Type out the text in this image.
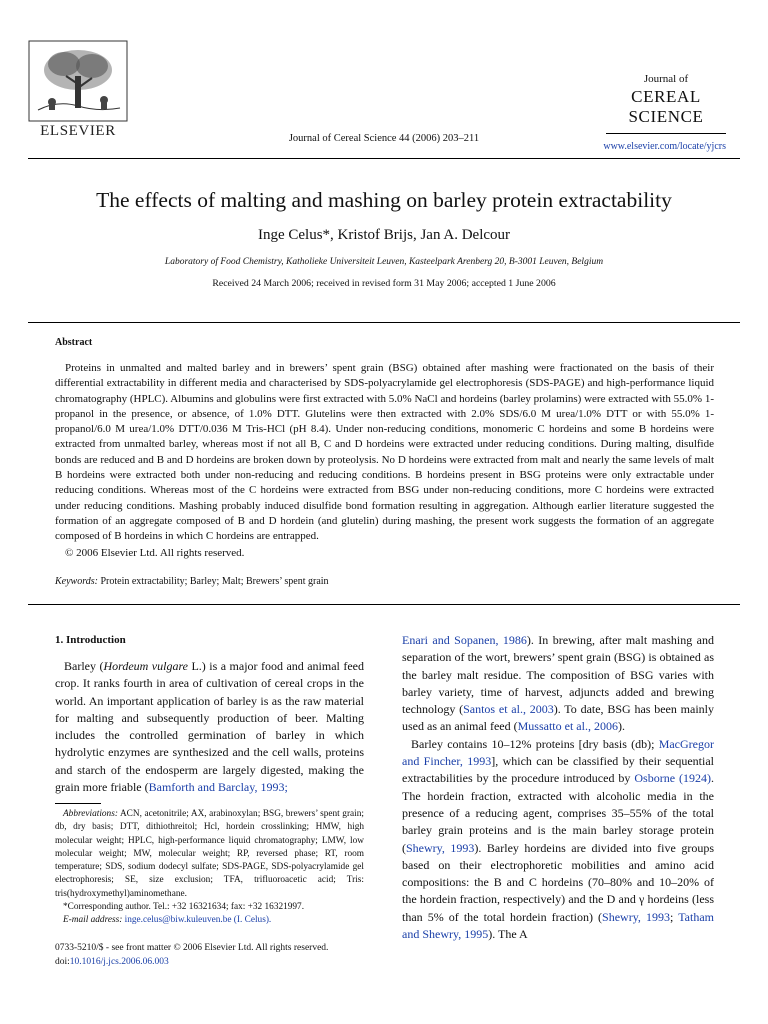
ELSEVIER	Journal of Cereal Science 44 (2006) 203–211
Journal of
CEREAL
SCIENCE
www.elsevier.com/locate/yjcrs
The effects of malting and mashing on barley protein extractability
Inge Celus*, Kristof Brijs, Jan A. Delcour
Laboratory of Food Chemistry, Katholieke Universiteit Leuven, Kasteelpark Arenberg 20, B-3001 Leuven, Belgium
Received 24 March 2006; received in revised form 31 May 2006; accepted 1 June 2006
Abstract
Proteins in unmalted and malted barley and in brewers’ spent grain (BSG) obtained after mashing were fractionated on the basis of their differential extractability in different media and characterised by SDS-polyacrylamide gel electrophoresis (SDS-PAGE) and high-performance liquid chromatography (HPLC). Albumins and globulins were first extracted with 5.0% NaCl and hordeins (barley prolamins) were extracted with 55.0% 1-propanol in the presence, or absence, of 1.0% DTT. Glutelins were then extracted with 2.0% SDS/6.0 M urea/1.0% DTT or with 55.0% 1-propanol/6.0 M urea/1.0% DTT/0.036 M Tris-HCl (pH 8.4). Under non-reducing conditions, monomeric C hordeins and some B hordeins were extracted from unmalted barley, whereas most if not all B, C and D hordeins were extracted under reducing conditions. During malting, disulfide bonds are reduced and B and D hordeins are broken down by proteolysis. No D hordeins were extracted from malt and nearly the same levels of malt B hordeins were extracted both under non-reducing and reducing conditions. B hordeins present in BSG proteins were only extractable under reducing conditions. Whereas most of the C hordeins were extracted from BSG under non-reducing conditions, more C hordeins were extracted under reducing conditions. Mashing probably induced disulfide bond formation resulting in aggregation. Although earlier literature suggested the formation of an aggregate composed of B and D hordein (and glutelin) during mashing, the present work suggests the formation of an aggregate composed of B hordeins in which C hordeins are entrapped.
© 2006 Elsevier Ltd. All rights reserved.
Keywords: Protein extractability; Barley; Malt; Brewers’ spent grain
1. Introduction
Barley (Hordeum vulgare L.) is a major food and animal feed crop. It ranks fourth in area of cultivation of cereal crops in the world. An important application of barley is as the raw material for malting and subsequently production of beer. Malting includes the controlled germination of barley in which hydrolytic enzymes are synthesized and the cell walls, proteins and starch of the endosperm are largely digested, making the grain more friable (Bamforth and Barclay, 1993;

Abbreviations: ACN, acetonitrile; AX, arabinoxylan; BSG, brewers’ spent grain; db, dry basis; DTT, dithiothreitol; Hcl, hordein crosslinking; HMW, high molecular weight; HPLC, high-performance liquid chromatography; LMW, low molecular weight; MW, molecular weight; RP, reversed phase; RT, room temperature; SDS, sodium dodecyl sulfate; SDS-PAGE, SDS-polyacrylamide gel electrophoresis; SE, size exclusion; TFA, trifluoroacetic acid; Tris: tris(hydroxymethyl)aminomethane.

*Corresponding author. Tel.: +32 16321634; fax: +32 16321997.

E-mail address: inge.celus@biw.kuleuven.be (I. Celus).

0733-5210/$ - see front matter © 2006 Elsevier Ltd. All rights reserved.
doi:10.1016/j.jcs.2006.06.003

Enari and Sopanen, 1986). In brewing, after malt mashing and separation of the wort, brewers’ spent grain (BSG) is obtained as the barley malt residue. The composition of BSG varies with barley variety, time of harvest, adjuncts added and brewing technology (Santos et al., 2003). To date, BSG has been mainly used as an animal feed (Mussatto et al., 2006).

Barley contains 10–12% proteins [dry basis (db); MacGregor and Fincher, 1993], which can be classified by their sequential extractabilities by the procedure introduced by Osborne (1924). The hordein fraction, extracted with alcoholic media in the presence of a reducing agent, comprises 35–55% of the total barley grain proteins and is the main barley storage protein (Shewry, 1993). Barley hordeins are divided into five groups based on their electrophoretic mobilities and amino acid compositions: the B and C hordeins (70–80% and 10–20% of the hordein fraction, respectively) and the D and γ hordeins (less than 5% of the total hordein fraction) (Shewry, 1993; Tatham and Shewry, 1995). The A
